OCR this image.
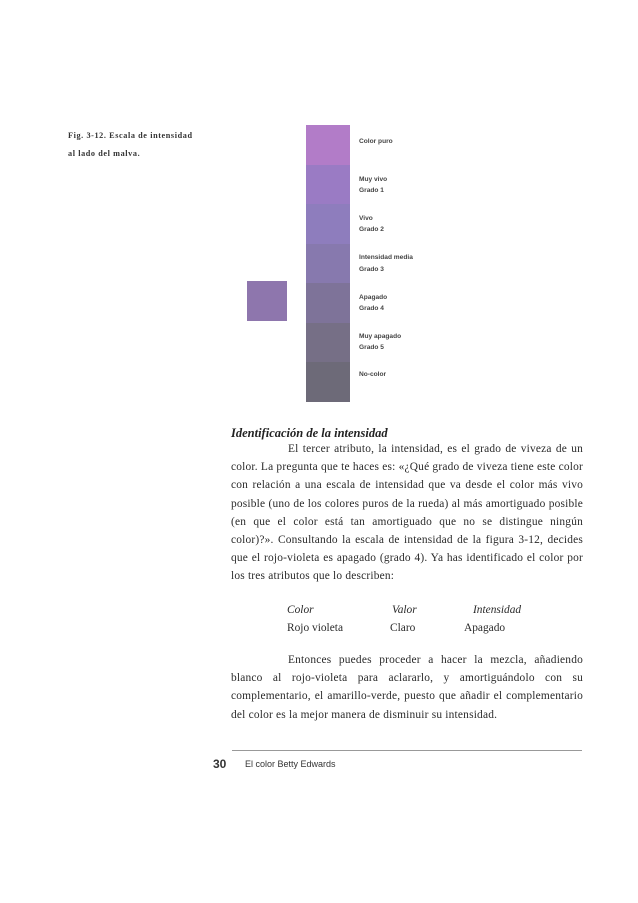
Fig. 3-12. Escala de intensidad
al lado del malva.
Color puro
Muy vivo
Grado 1
Vivo
Grado 2
Intensidad media
Grado 3
Apagado
Grado 4
Muy apagado
Grado 5
No-color
Identificación de la intensidad

El tercer atributo, la intensidad, es el grado de viveza de un color. La pregunta que te haces es: «¿Qué grado de viveza tiene este color con relación a una escala de intensidad que va desde el color más vivo posible (uno de los colores puros de la rueda) al más amortiguado posible (en que el color está tan amortiguado que no se distingue ningún color)?». Consultando la escala de intensidad de la figura 3-12, decides que el rojo-violeta es apagado (grado 4). Ya has identificado el color por los tres atributos que lo describen:

Color	Valor	Intensidad
Rojo violeta	Claro	Apagado

Entonces puedes proceder a hacer la mezcla, añadiendo blanco al rojo-violeta para aclararlo, y amortiguándolo con su complementario, el amarillo-verde, puesto que añadir el complementario del color es la mejor manera de disminuir su intensidad.

30 El color Betty Edwards
